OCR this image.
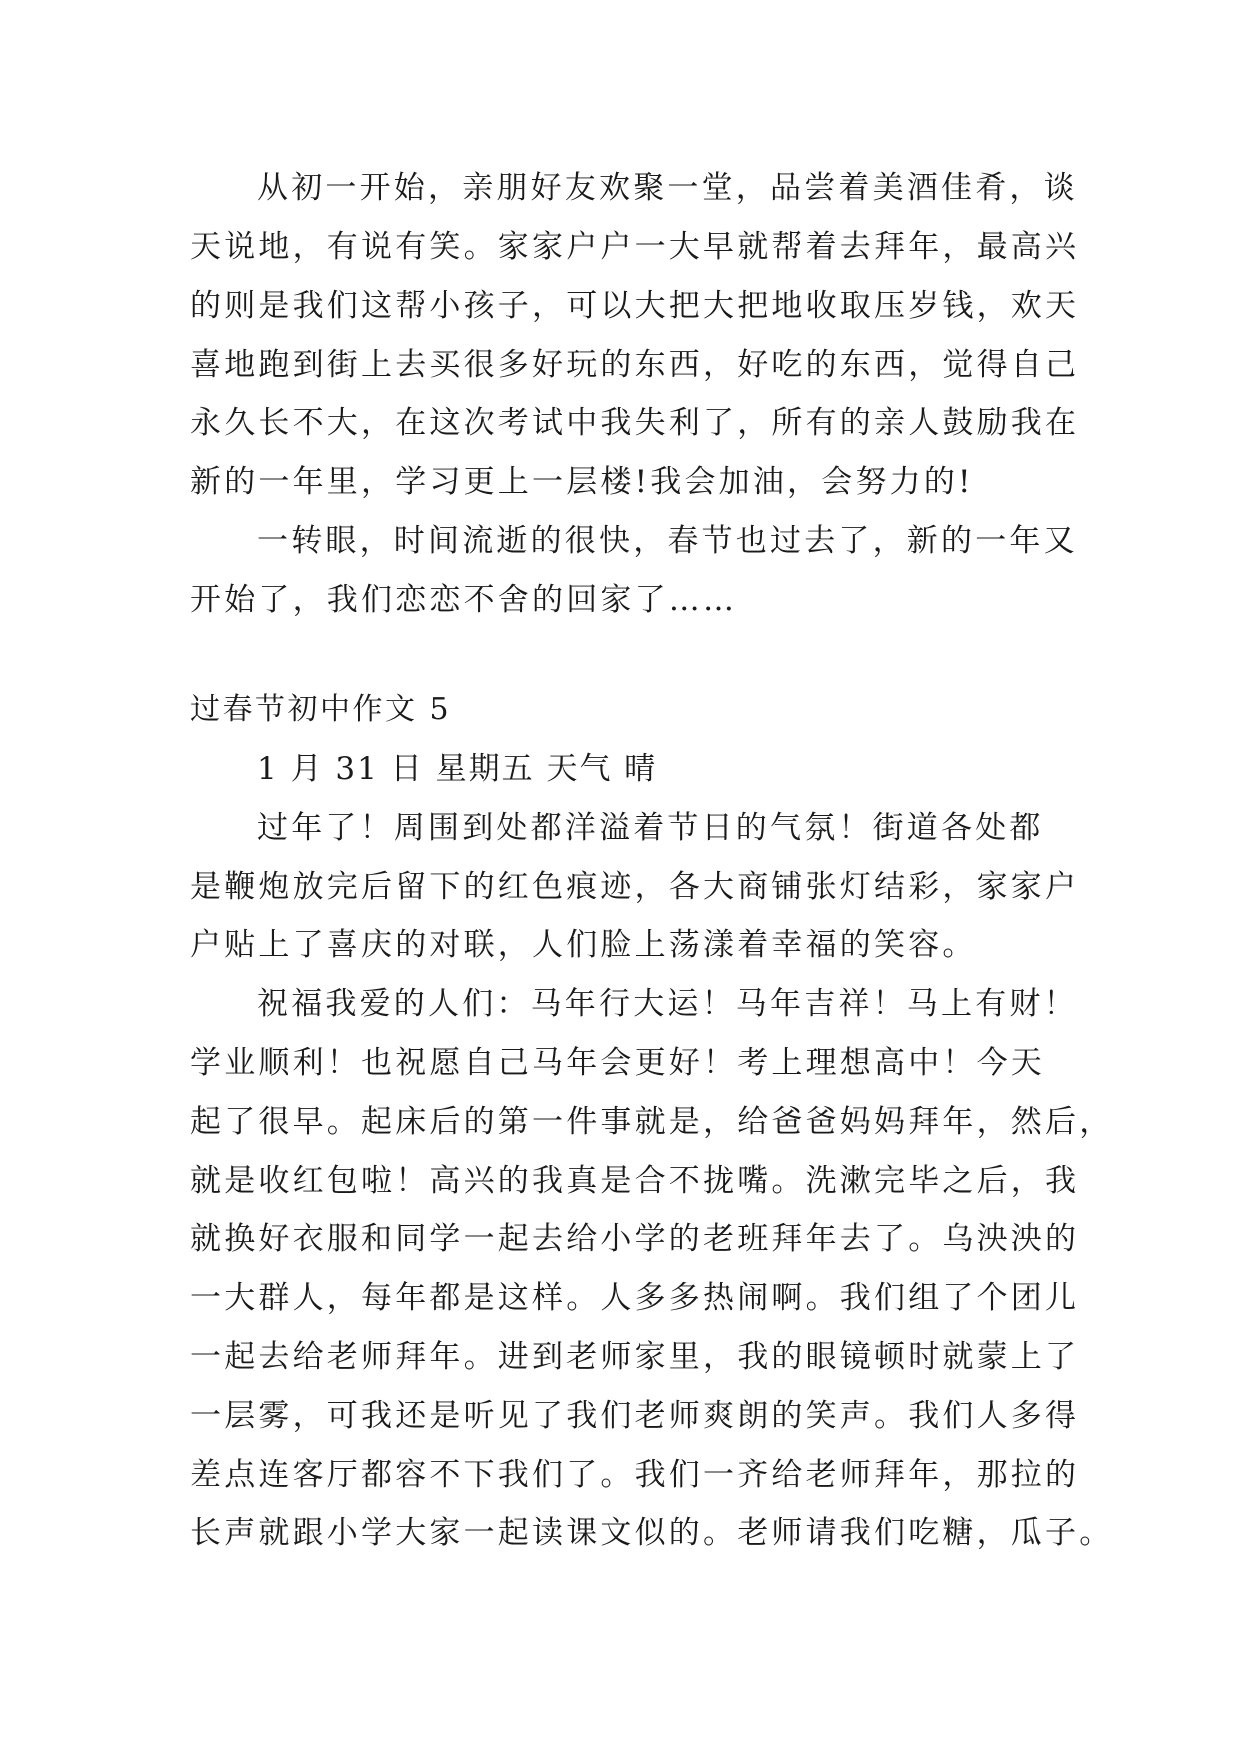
从初一开始，亲朋好友欢聚一堂，品尝着美酒佳肴，谈
天说地，有说有笑。家家户户一大早就帮着去拜年，最高兴
的则是我们这帮小孩子，可以大把大把地收取压岁钱，欢天
喜地跑到街上去买很多好玩的东西，好吃的东西，觉得自己
永久长不大，在这次考试中我失利了，所有的亲人鼓励我在
新的一年里，学习更上一层楼!我会加油，会努力的!
一转眼，时间流逝的很快，春节也过去了，新的一年又
开始了，我们恋恋不舍的回家了……
过春节初中作文 5
1 月 31 日 星期五 天气 晴
过年了！周围到处都洋溢着节日的气氛！街道各处都
是鞭炮放完后留下的红色痕迹，各大商铺张灯结彩，家家户
户贴上了喜庆的对联，人们脸上荡漾着幸福的笑容。
祝福我爱的人们：马年行大运！马年吉祥！马上有财！
学业顺利！也祝愿自己马年会更好！考上理想高中！今天
起了很早。起床后的第一件事就是，给爸爸妈妈拜年，然后，
就是收红包啦！高兴的我真是合不拢嘴。洗漱完毕之后，我
就换好衣服和同学一起去给小学的老班拜年去了。乌泱泱的
一大群人，每年都是这样。人多多热闹啊。我们组了个团儿
一起去给老师拜年。进到老师家里，我的眼镜顿时就蒙上了
一层雾，可我还是听见了我们老师爽朗的笑声。我们人多得
差点连客厅都容不下我们了。我们一齐给老师拜年，那拉的
长声就跟小学大家一起读课文似的。老师请我们吃糖，瓜子。
